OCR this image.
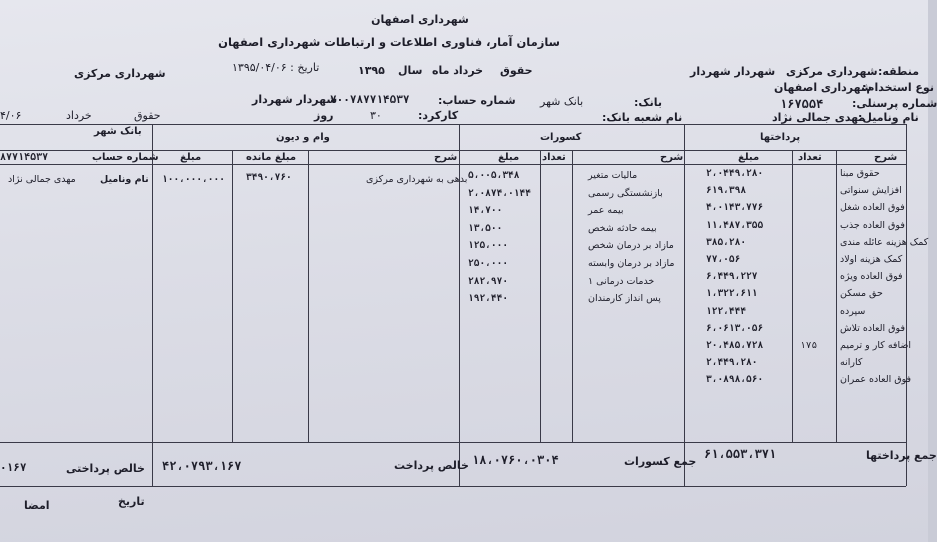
شهرداری اصفهان
سازمان آمار، فناوری اطلاعات و ارتباطات شهرداری اصفهان
شهرداری مرکزی	منطقه:
شهرداری مرکزی
شهردار شهردار
حقوق
خرداد ماه
سال
۱۳۹۵
تاریخ : ۱۳۹۵/۰۴/۰۶
نوع استخدام:
شهرداری اصفهان
شماره پرسنلی:
۱۶۷۵۵۴
بانک:
بانک شهر
شماره حساب:
۷۰۰۷۸۷۷۱۴۵۳۷
شهردار شهردار
نام ونامیل:
مهدی جمالی نژاد
نام شعبه بانک:
کارکرد:
۳۰
روز
حقوق
خرداد
۴/۰۶
پرداختها
کسورات
وام و دیون
بانک شهر
شرح
تعداد
مبلغ
شرح
تعداد
مبلغ
شرح
مبلغ مانده
مبلغ
شماره حساب
۸۷۷۱۴۵۳۷
حقوق مبنا
۲،۰۴۴۹،۲۸۰
افزایش سنواتی
۶۱۹،۳۹۸
فوق العاده شغل
۴،۰۱۴۳،۷۷۶
فوق العاده جذب
۱۱،۴۸۷،۳۵۵
کمک هزینه عائله مندی
۳۸۵،۲۸۰
کمک هزینه اولاد
۷۷،۰۵۶
فوق العاده ویژه
۶،۴۴۹،۲۲۷
حق مسکن
۱،۳۲۲،۶۱۱
سپرده
۱۲۲،۴۴۴
فوق العاده تلاش
۶،۰۶۱۳،۰۵۶
اضافه کار و ترمیم
۱۷۵
۲۰،۴۸۵،۷۲۸
کارانه
۲،۴۴۹،۲۸۰
فوق العاده عمران
۳،۰۸۹۸،۵۶۰
مالیات متغیر
۵،۰۰۵،۳۴۸
بازنشستگی رسمی
۲،۰۸۷۴،۰۱۴۴
بیمه عمر
۱۴،۷۰۰
بیمه حادثه شخص
۱۳،۵۰۰
مازاد بر درمان شخص
۱۲۵،۰۰۰
مازاد بر درمان وابسته
۲۵۰،۰۰۰
خدمات درمانی ۱
۲۸۲،۹۷۰
پس انداز کارمندان
۱۹۲،۴۴۰
بدهی به شهرداری مرکزی
۳۴۹۰،۷۶۰
۱۰۰،۰۰۰،۰۰۰
نام ونامیل
مهدی جمالی نژاد
جمع پرداختها
۶۱،۵۵۳،۳۷۱
جمع کسورات
۱۸،۰۷۶۰،۰۳۰۴
خالص پرداخت
۴۲،۰۷۹۳،۱۶۷
خالص پرداختی
۰۱۶۷
تاریخ
امضا
